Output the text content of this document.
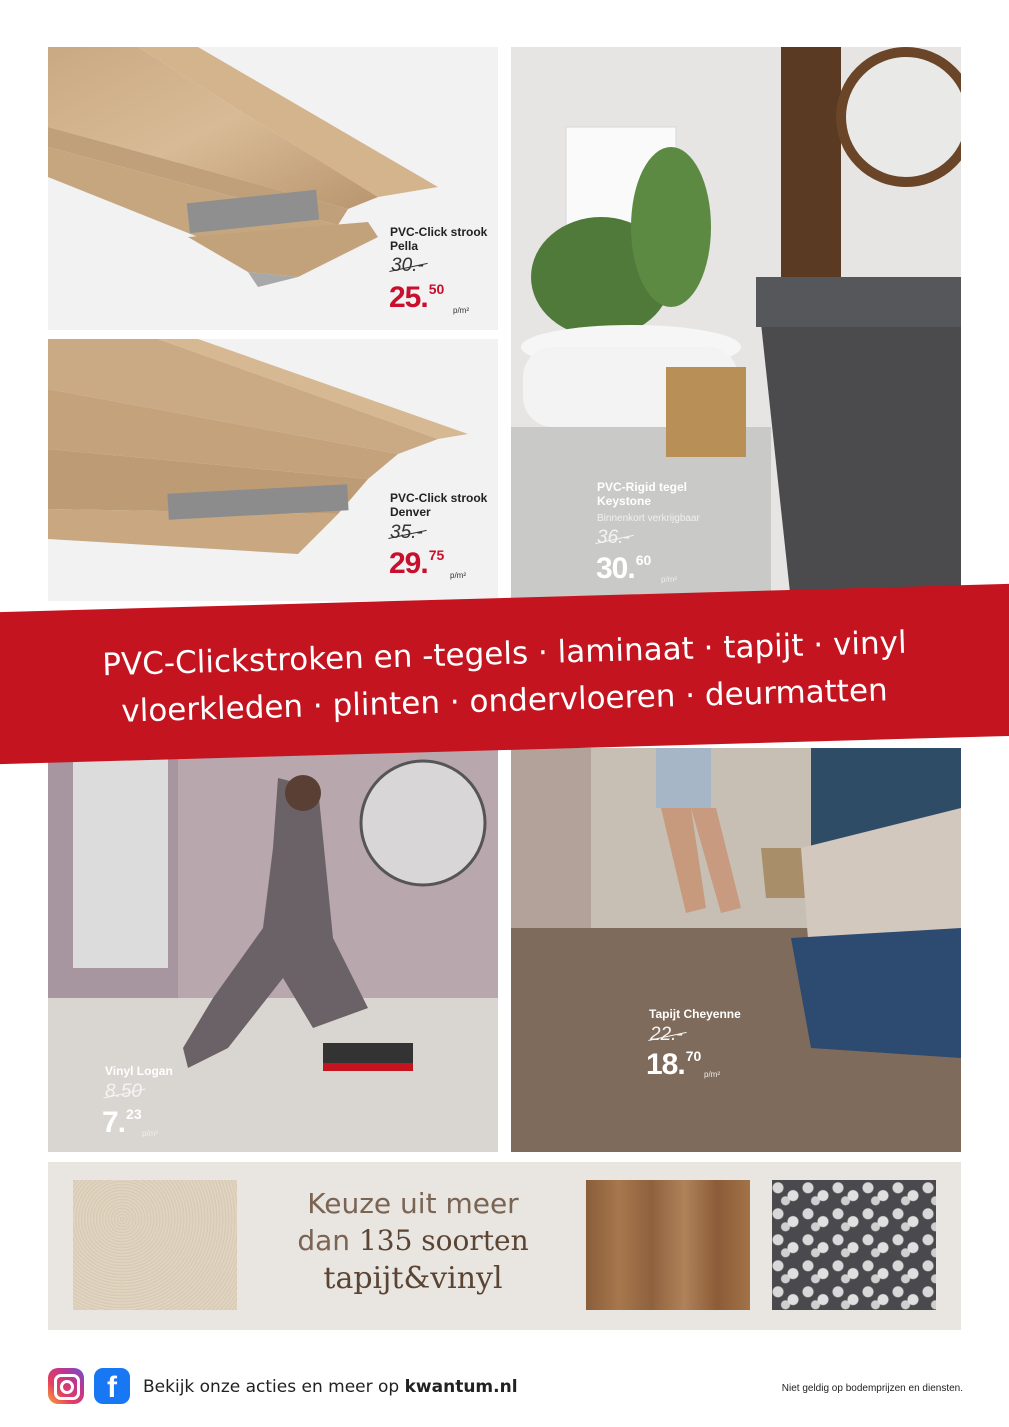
PVC-Click strook
Pella
30.-
25.50
p/m²
PVC-Click strook
Denver
35.-
29.75
p/m²
PVC-Rigid tegel
Keystone
Binnenkort verkrijgbaar
36.-
30.60
p/m²
Vinyl Logan
8.50
7.23
p/m²
Tapijt Cheyenne
22.-
18.70
p/m²
PVC-Clickstroken en -tegels · laminaat · tapijt · vinyl
vloerkleden · plinten · ondervloeren · deurmatten
Keuze uit meer
dan 135 soorten
tapijt&vinyl
f	Bekijk onze acties en meer op kwantum.nl	Niet geldig op bodemprijzen en diensten.
